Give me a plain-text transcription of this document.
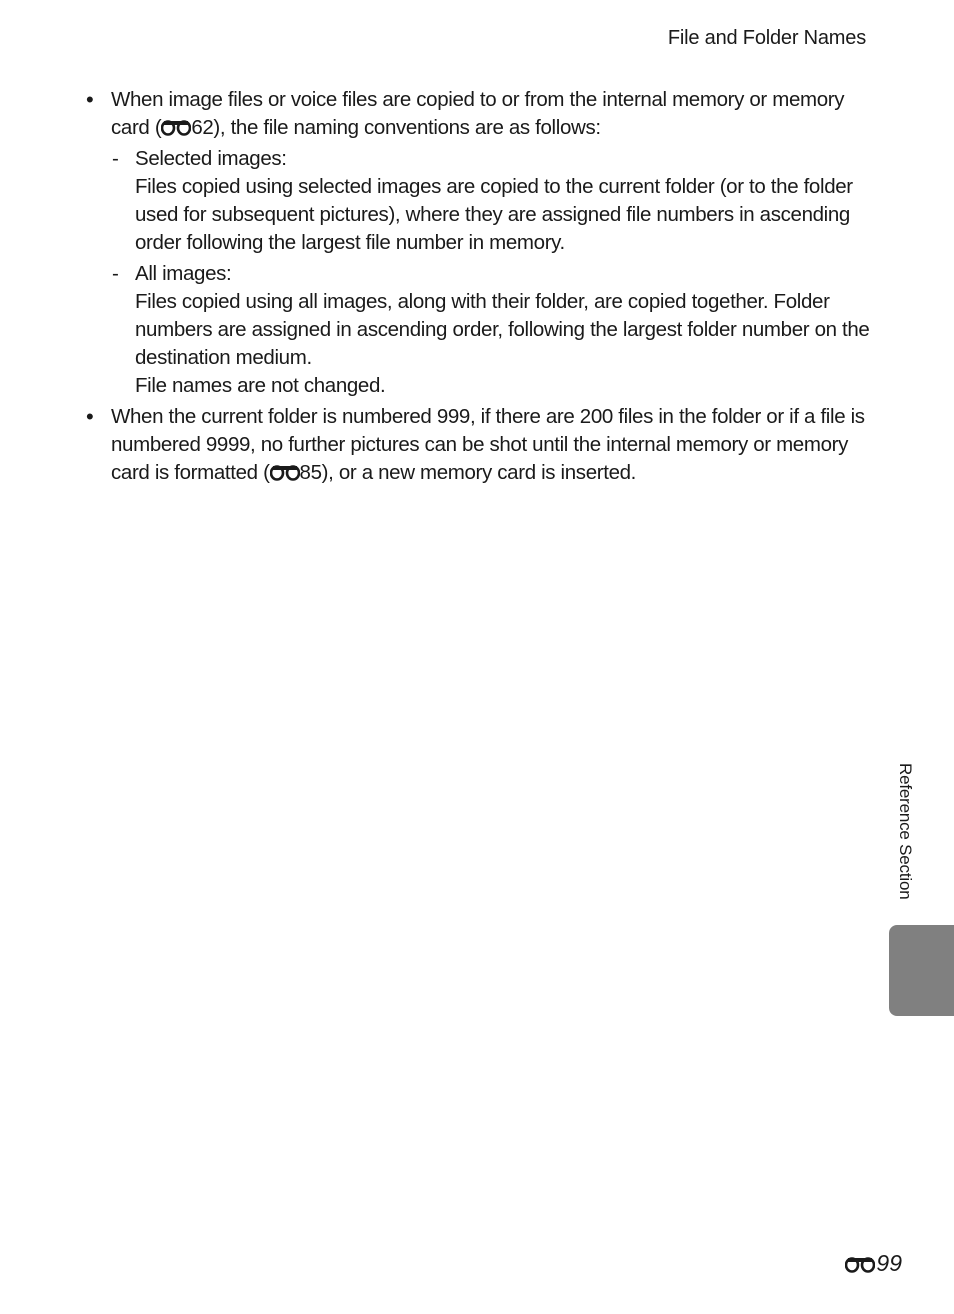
File and Folder Names
• When image files or voice files are copied to or from the internal memory or memory card ( 62), the file naming conventions are as follows:
- Selected images:
Files copied using selected images are copied to the current folder (or to the folder used for subsequent pictures), where they are assigned file numbers in ascending order following the largest file number in memory.
- All images:
Files copied using all images, along with their folder, are copied together. Folder numbers are assigned in ascending order, following the largest folder number on the destination medium.
File names are not changed.
• When the current folder is numbered 999, if there are 200 files in the folder or if a file is numbered 9999, no further pictures can be shot until the internal memory or memory card is formatted ( 85), or a new memory card is inserted.
Reference Section
99
